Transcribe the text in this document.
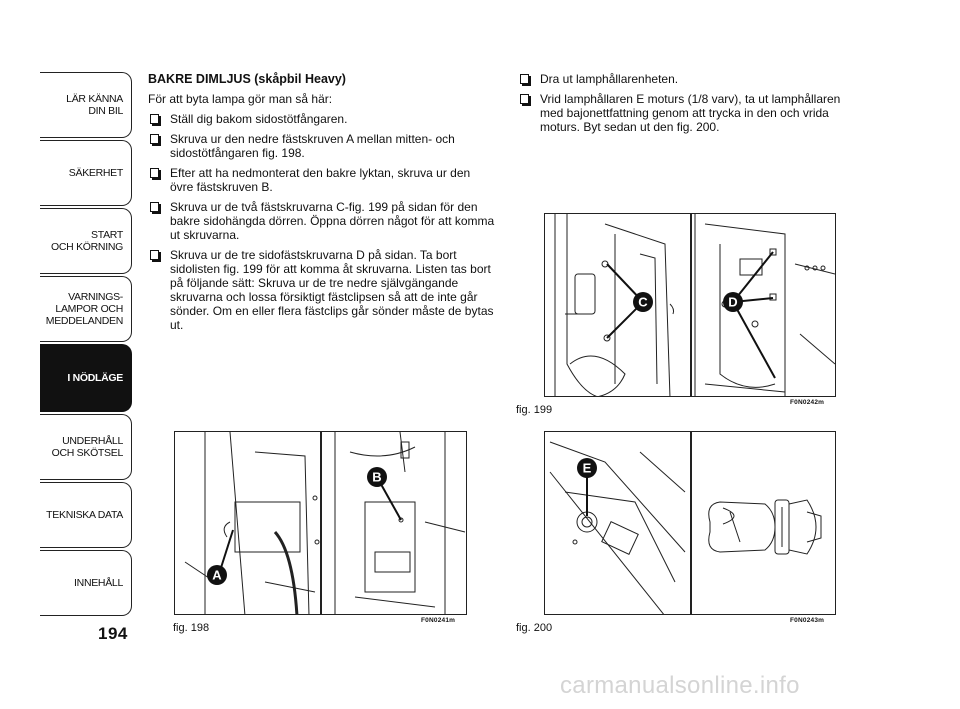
LÄR KÄNNA
DIN BIL
SÄKERHET
START
OCH KÖRNING
VARNINGS-
LAMPOR OCH
MEDDELANDEN
I NÖDLÄGE
UNDERHÅLL
OCH SKÖTSEL
TEKNISKA DATA
INNEHÅLL
194
BAKRE DIMLJUS (skåpbil Heavy)
För att byta lampa gör man så här:
Ställ dig bakom sidostötfångaren.
Skruva ur den nedre fästskruven A mellan mitten- och sidostötfångaren fig. 198.
Efter att ha nedmonterat den bakre lyktan, skruva ur den övre fästskruven B.
Skruva ur de två fästskruvarna C-fig. 199 på sidan för den bakre sidohängda dörren. Öppna dörren något för att komma ut skruvarna.
Skruva ur de tre sidofästskruvarna D på sidan. Ta bort sidolisten fig. 199 för att komma åt skruvarna. Listen tas bort på följande sätt: Skruva ur de tre nedre självgängande skruvarna och lossa försiktigt fästclipsen så att de inte går sönder. Om en eller flera fästclips går sönder måste de bytas ut.
Dra ut lamphållarenheten.
Vrid lamphållaren E moturs (1/8 varv), ta ut lamphållaren med bajonettfattning genom att trycka in den och vrida moturs. Byt sedan ut den fig. 200.
C	D
fig. 199
F0N0242m
A
B
fig. 198
F0N0241m
E
fig. 200
F0N0243m
carmanualsonline.info
